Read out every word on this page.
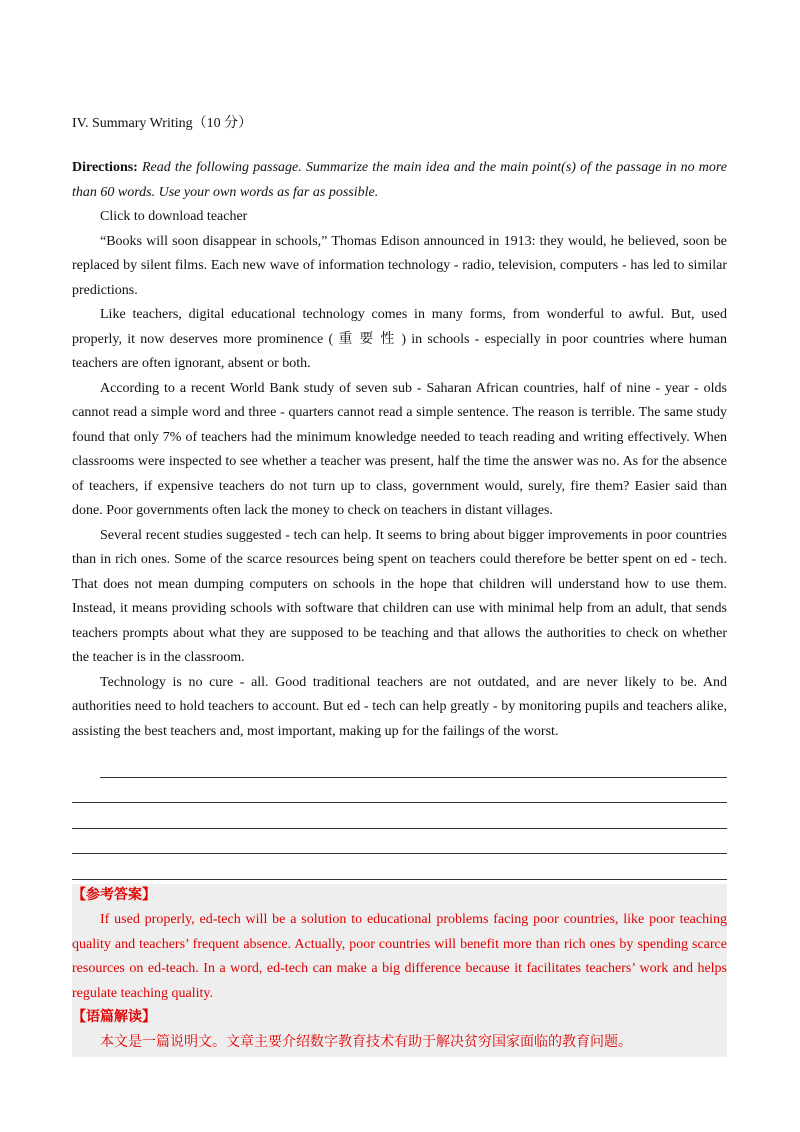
IV. Summary Writing（10 分）

Directions: Read the following passage. Summarize the main idea and the main point(s) of the passage in no more than 60 words. Use your own words as far as possible.

Click to download teacher

“Books will soon disappear in schools,” Thomas Edison announced in 1913: they would, he believed, soon be replaced by silent films. Each new wave of information technology - radio, television, computers - has led to similar predictions.

Like teachers, digital educational technology comes in many forms, from wonderful to awful. But, used properly, it now deserves more prominence ( 重 要 性 ) in schools - especially in poor countries where human teachers are often ignorant, absent or both.

According to a recent World Bank study of seven sub - Saharan African countries, half of nine - year - olds cannot read a simple word and three - quarters cannot read a simple sentence. The reason is terrible. The same study found that only 7% of teachers had the minimum knowledge needed to teach reading and writing effectively. When classrooms were inspected to see whether a teacher was present, half the time the answer was no. As for the absence of teachers, if expensive teachers do not turn up to class, government would, surely, fire them? Easier said than done. Poor governments often lack the money to check on teachers in distant villages.

Several recent studies suggested - tech can help. It seems to bring about bigger improvements in poor countries than in rich ones. Some of the scarce resources being spent on teachers could therefore be better spent on ed - tech. That does not mean dumping computers on schools in the hope that children will understand how to use them. Instead, it means providing schools with software that children can use with minimal help from an adult, that sends teachers prompts about what they are supposed to be teaching and that allows the authorities to check on whether the teacher is in the classroom.

Technology is no cure - all. Good traditional teachers are not outdated, and are never likely to be. And authorities need to hold teachers to account. But ed - tech can help greatly - by monitoring pupils and teachers alike, assisting the best teachers and, most important, making up for the failings of the worst.

【参考答案】

If used properly, ed-tech will be a solution to educational problems facing poor countries, like poor teaching quality and teachers’ frequent absence. Actually, poor countries will benefit more than rich ones by spending scarce resources on ed-teach. In a word, ed-tech can make a big difference because it facilitates teachers’ work and helps regulate teaching quality.

【语篇解读】

本文是一篇说明文。文章主要介绍数字教育技术有助于解决贫穷国家面临的教育问题。
